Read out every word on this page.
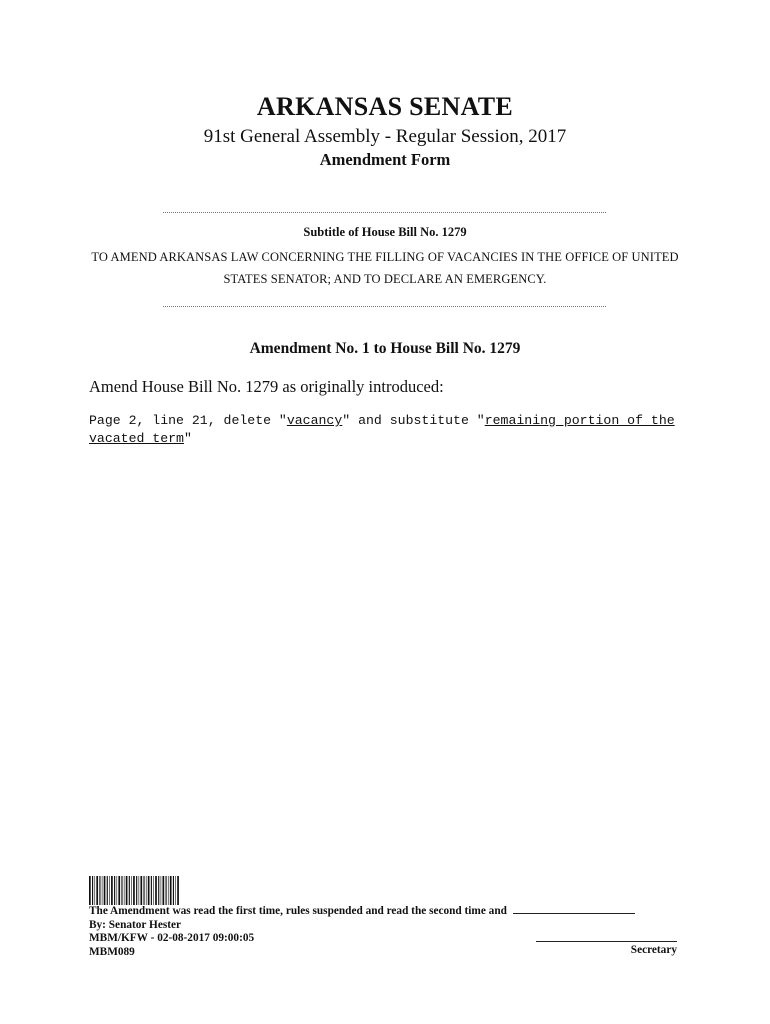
ARKANSAS SENATE
91st General Assembly - Regular Session, 2017
Amendment Form
Subtitle of House Bill No. 1279
TO AMEND ARKANSAS LAW CONCERNING THE FILLING OF VACANCIES IN THE OFFICE OF UNITED
STATES SENATOR; AND TO DECLARE AN EMERGENCY.
Amendment No. 1 to House Bill No. 1279
Amend House Bill No. 1279 as originally introduced:
Page 2, line 21, delete "vacancy" and substitute "remaining portion of the
vacated term"
The Amendment was read the first time, rules suspended and read the second time and
By: Senator Hester
MBM/KFW - 02-08-2017 09:00:05
MBM089	Secretary
